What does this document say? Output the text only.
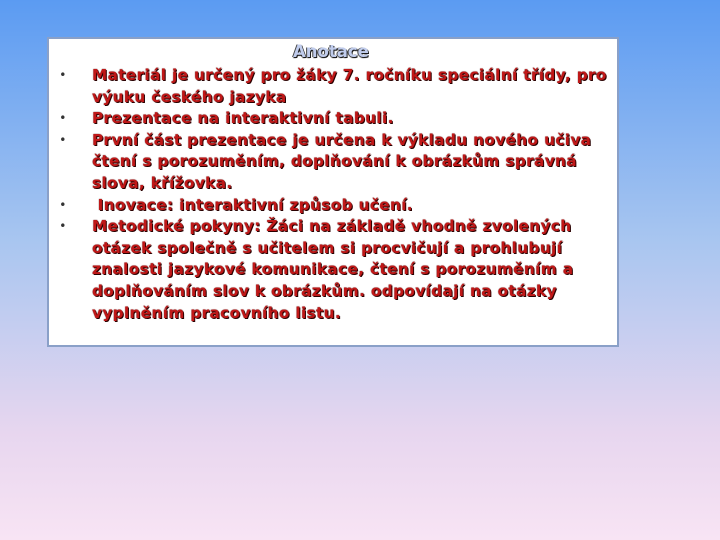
Anotace
• Materiál je určený pro žáky 7. ročníku speciální třídy, pro výuku českého jazyka
• Prezentace na interaktivní tabuli.
• První část prezentace je určena k výkladu nového učiva čtení s porozuměním, doplňování k obrázkům správná slova, křížovka.
• Inovace: interaktivní způsob učení.
• Metodické pokyny: Žáci na základě vhodně zvolených otázek společně s učitelem si procvičují a prohlubují znalosti jazykové komunikace, čtení s porozuměním a doplňováním slov k obrázkům. odpovídají na otázky vyplněním pracovního listu.
